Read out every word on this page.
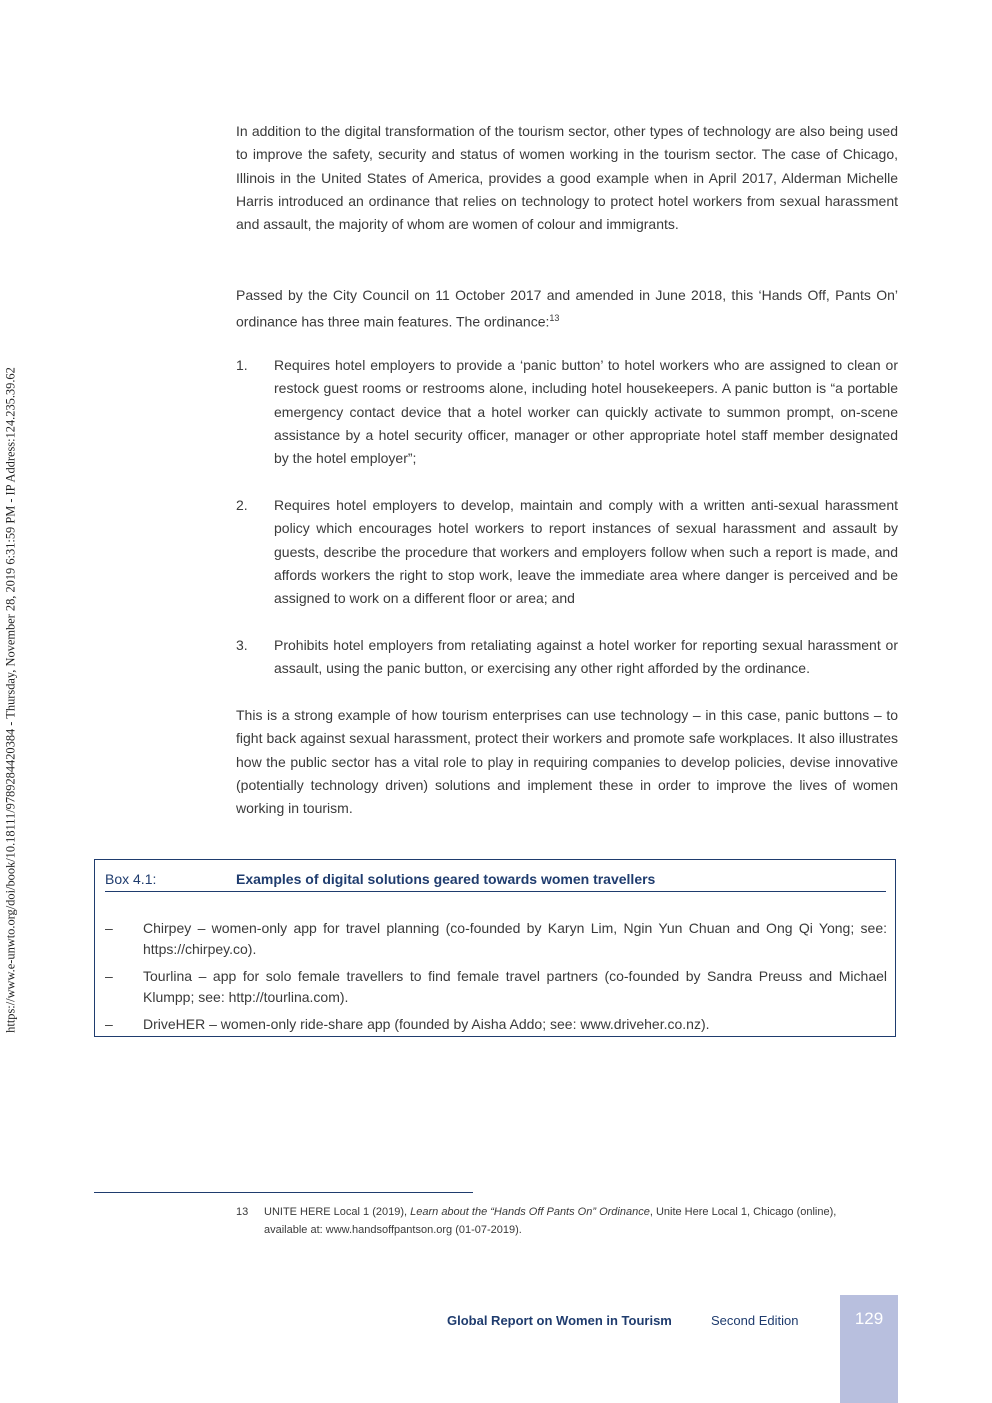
https://www.e-unwto.org/doi/book/10.18111/9789284420384 - Thursday, November 28, 2019 6:31:59 PM - IP Address:124.235.39.62

In addition to the digital transformation of the tourism sector, other types of technology are also being used to improve the safety, security and status of women working in the tourism sector. The case of Chicago, Illinois in the United States of America, provides a good example when in April 2017, Alderman Michelle Harris introduced an ordinance that relies on technology to protect hotel workers from sexual harassment and assault, the majority of whom are women of colour and immigrants.

Passed by the City Council on 11 October 2017 and amended in June 2018, this ‘Hands Off, Pants On’ ordinance has three main features. The ordinance:$^{13}$

1. Requires hotel employers to provide a ‘panic button’ to hotel workers who are assigned to clean or restock guest rooms or restrooms alone, including hotel housekeepers. A panic button is “a portable emergency contact device that a hotel worker can quickly activate to summon prompt, on-scene assistance by a hotel security officer, manager or other appropriate hotel staff member designated by the hotel employer”;
2. Requires hotel employers to develop, maintain and comply with a written anti-sexual harassment policy which encourages hotel workers to report instances of sexual harassment and assault by guests, describe the procedure that workers and employers follow when such a report is made, and affords workers the right to stop work, leave the immediate area where danger is perceived and be assigned to work on a different floor or area; and
3. Prohibits hotel employers from retaliating against a hotel worker for reporting sexual harassment or assault, using the panic button, or exercising any other right afforded by the ordinance.

This is a strong example of how tourism enterprises can use technology – in this case, panic buttons – to fight back against sexual harassment, protect their workers and promote safe workplaces. It also illustrates how the public sector has a vital role to play in requiring companies to develop policies, devise innovative (potentially technology driven) solutions and implement these in order to improve the lives of women working in tourism.

Box 4.1:	Examples of digital solutions geared towards women travellers
– Chirpey – women-only app for travel planning (co-founded by Karyn Lim, Ngin Yun Chuan and Ong Qi Yong; see: https://chirpey.co).
– Tourlina – app for solo female travellers to find female travel partners (co-founded by Sandra Preuss and Michael Klumpp; see: http://tourlina.com).
– DriveHER – women-only ride-share app (founded by Aisha Addo; see: www.driveher.co.nz).
13	UNITE HERE Local 1 (2019), Learn about the “Hands Off Pants On” Ordinance, Unite Here Local 1, Chicago (online), available at: www.handsoffpantson.org (01-07-2019).
Global Report on Women in Tourism	Second Edition	129
